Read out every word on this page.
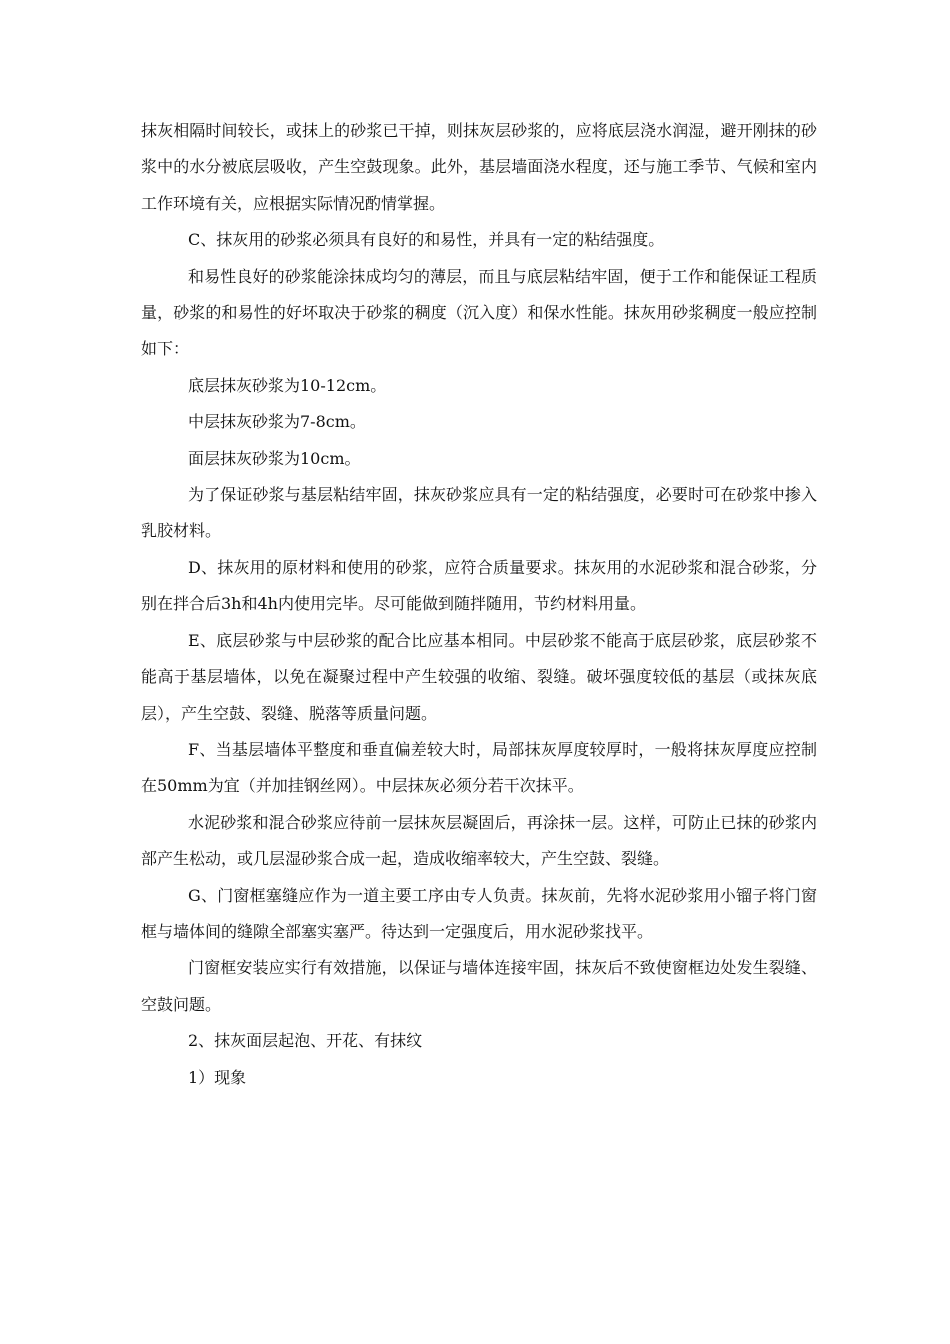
抹灰相隔时间较长，或抹上的砂浆已干掉，则抹灰层砂浆的，应将底层浇水润湿，避开刚抹的砂浆中的水分被底层吸收，产生空鼓现象。此外，基层墙面浇水程度，还与施工季节、气候和室内工作环境有关，应根据实际情况酌情掌握。

C、抹灰用的砂浆必须具有良好的和易性，并具有一定的粘结强度。

和易性良好的砂浆能涂抹成均匀的薄层，而且与底层粘结牢固，便于工作和能保证工程质量，砂浆的和易性的好坏取决于砂浆的稠度（沉入度）和保水性能。抹灰用砂浆稠度一般应控制如下：

底层抹灰砂浆为10-12cm。

中层抹灰砂浆为7-8cm。

面层抹灰砂浆为10cm。

为了保证砂浆与基层粘结牢固，抹灰砂浆应具有一定的粘结强度，必要时可在砂浆中掺入乳胶材料。

D、抹灰用的原材料和使用的砂浆，应符合质量要求。抹灰用的水泥砂浆和混合砂浆，分别在拌合后3h和4h内使用完毕。尽可能做到随拌随用，节约材料用量。

E、底层砂浆与中层砂浆的配合比应基本相同。中层砂浆不能高于底层砂浆，底层砂浆不能高于基层墙体，以免在凝聚过程中产生较强的收缩、裂缝。破坏强度较低的基层（或抹灰底层），产生空鼓、裂缝、脱落等质量问题。

F、当基层墙体平整度和垂直偏差较大时，局部抹灰厚度较厚时，一般将抹灰厚度应控制在50mm为宜（并加挂钢丝网）。中层抹灰必须分若干次抹平。

水泥砂浆和混合砂浆应待前一层抹灰层凝固后，再涂抹一层。这样，可防止已抹的砂浆内部产生松动，或几层湿砂浆合成一起，造成收缩率较大，产生空鼓、裂缝。

G、门窗框塞缝应作为一道主要工序由专人负责。抹灰前，先将水泥砂浆用小镏子将门窗框与墙体间的缝隙全部塞实塞严。待达到一定强度后，用水泥砂浆找平。

门窗框安装应实行有效措施，以保证与墙体连接牢固，抹灰后不致使窗框边处发生裂缝、空鼓问题。

2、抹灰面层起泡、开花、有抹纹

1）现象
